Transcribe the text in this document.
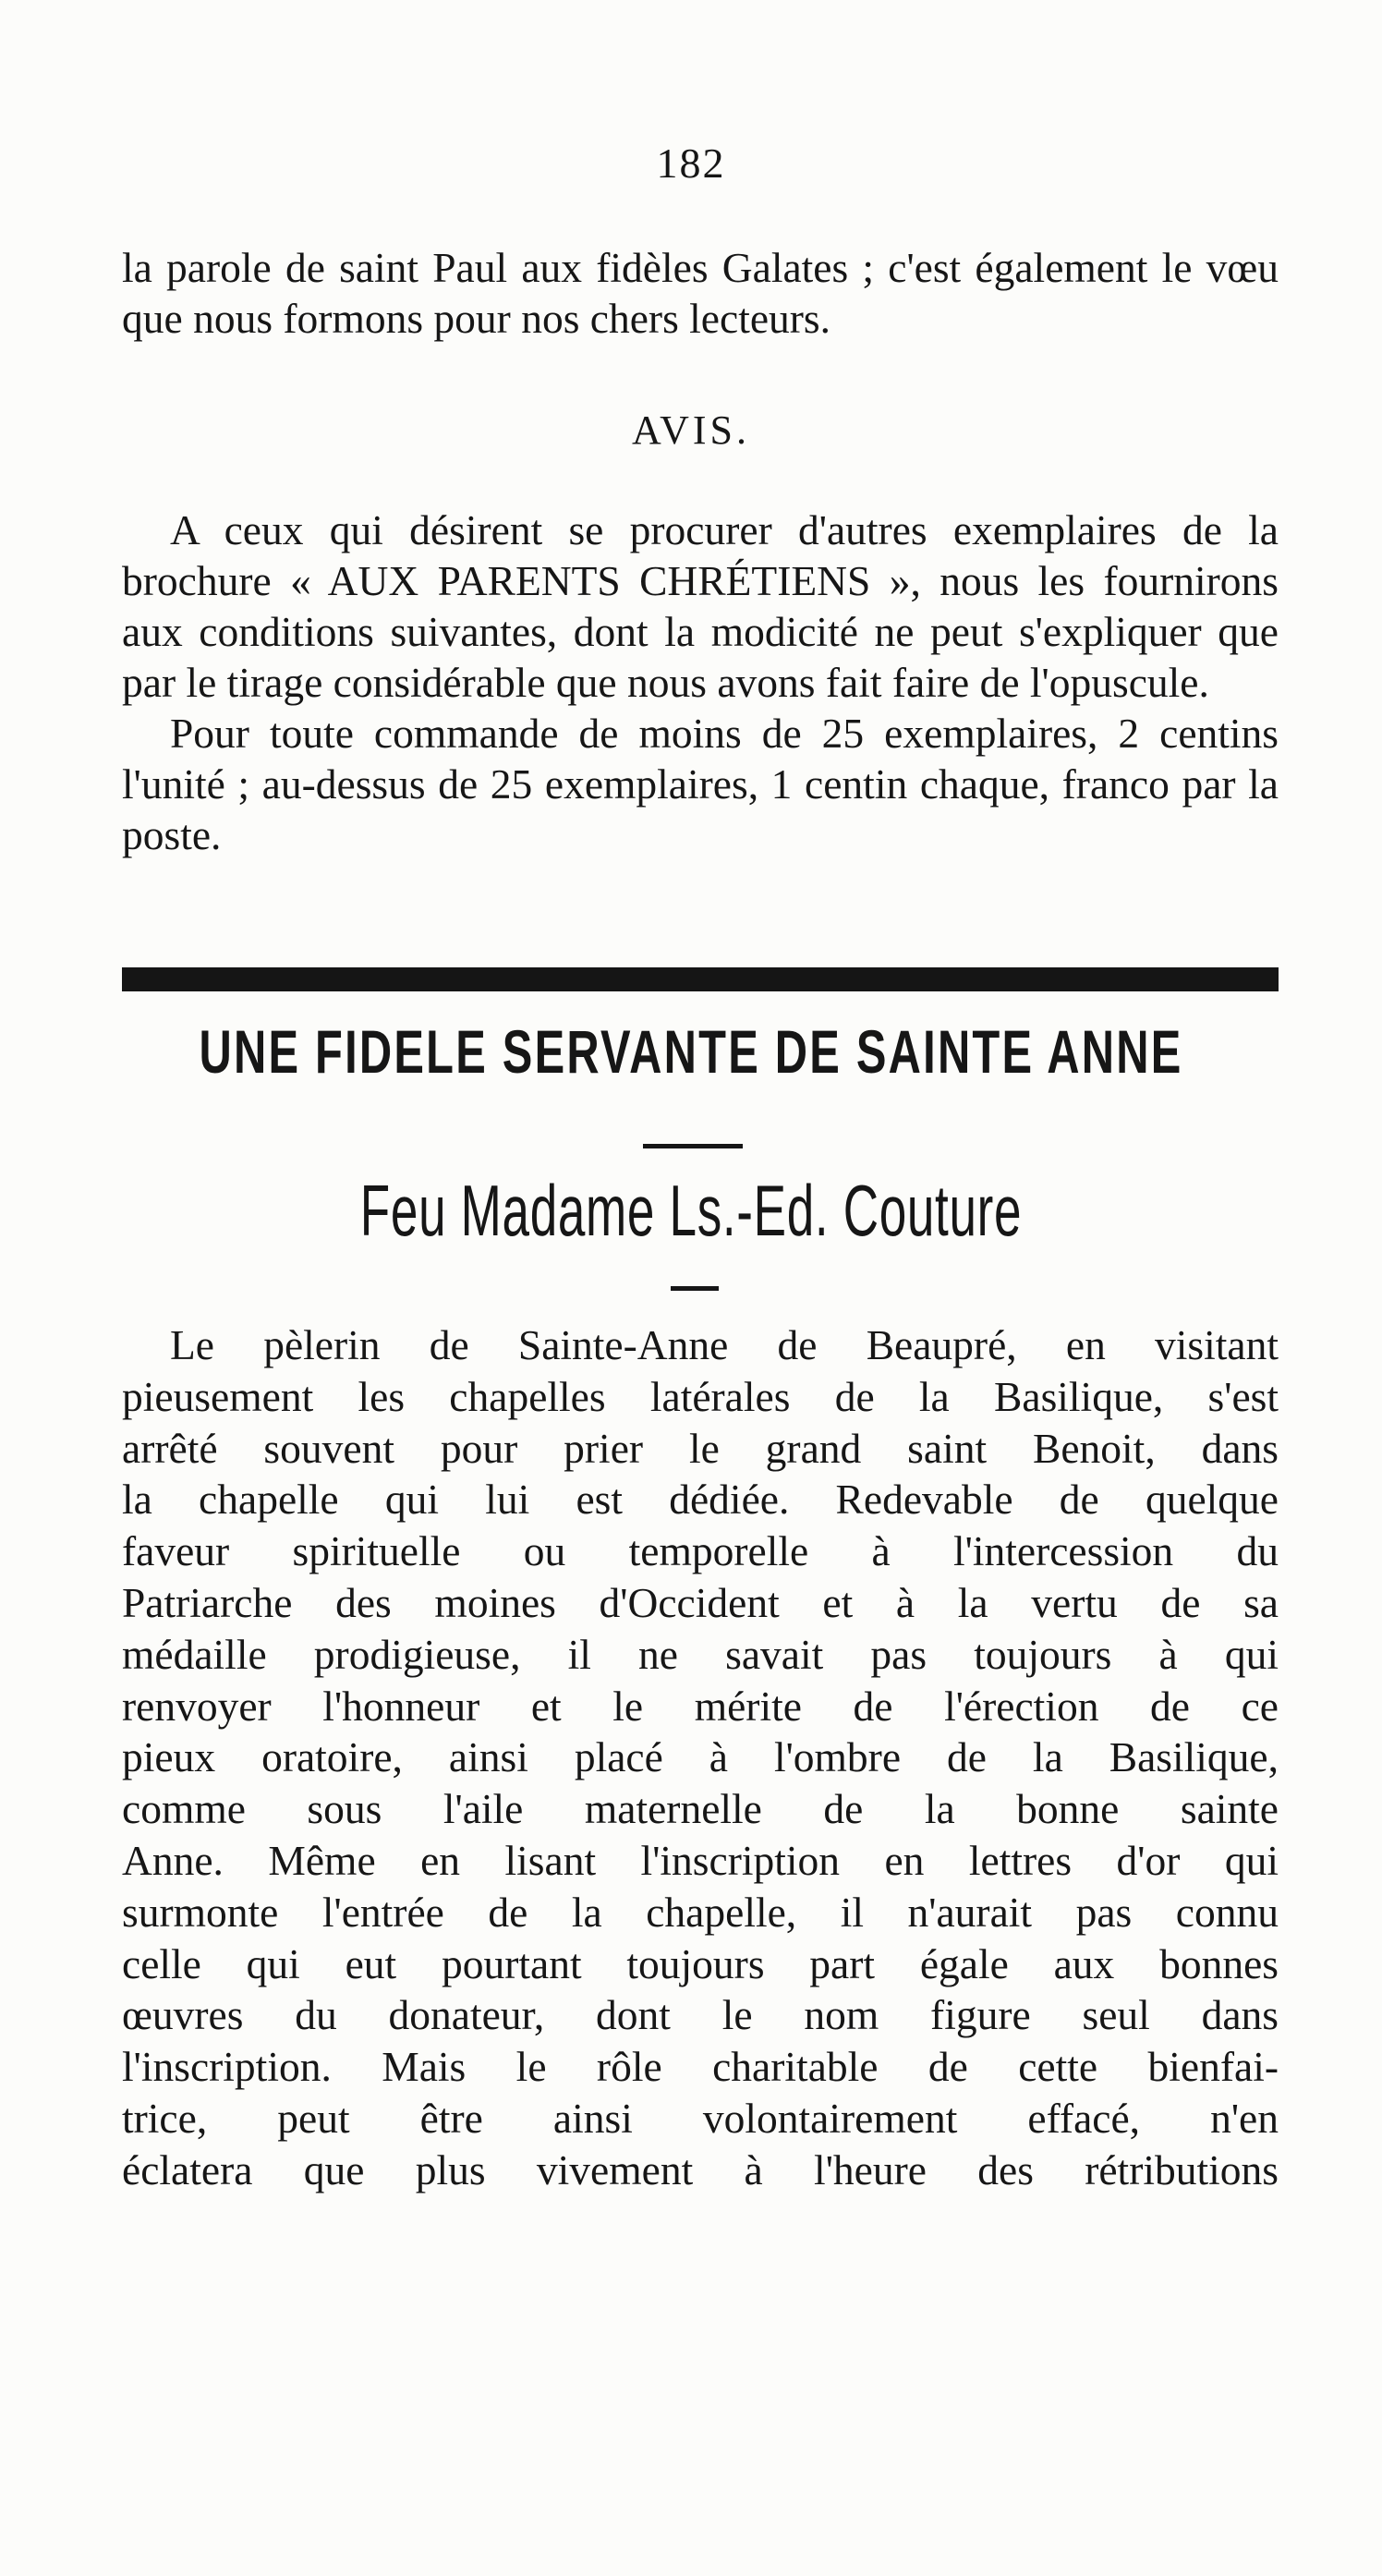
182

la parole de saint Paul aux fidèles Galates ; c'est également le vœu que nous formons pour nos chers lecteurs.

AVIS.

A ceux qui désirent se procurer d'autres exemplaires de la brochure « AUX PARENTS CHRÉTIENS », nous les fournirons aux conditions suivantes, dont la modicité ne peut s'expliquer que par le tirage considérable que nous avons fait faire de l'opuscule.

Pour toute commande de moins de 25 exemplaires, 2 centins l'unité ; au-dessus de 25 exemplaires, 1 centin chaque, franco par la poste.

UNE FIDELE SERVANTE DE SAINTE ANNE
Feu Madame Ls.-Ed. Couture

Le pèlerin de Sainte-Anne de Beaupré, en visitant

pieusement les chapelles latérales de la Basilique, s'est

arrêté souvent pour prier le grand saint Benoit, dans

la chapelle qui lui est dédiée. Redevable de quelque

faveur spirituelle ou temporelle à l'intercession du

Patriarche des moines d'Occident et à la vertu de sa

médaille prodigieuse, il ne savait pas toujours à qui

renvoyer l'honneur et le mérite de l'érection de ce

pieux oratoire, ainsi placé à l'ombre de la Basilique,

comme sous l'aile maternelle de la bonne sainte

Anne. Même en lisant l'inscription en lettres d'or qui

surmonte l'entrée de la chapelle, il n'aurait pas connu

celle qui eut pourtant toujours part égale aux bonnes

œuvres du donateur, dont le nom figure seul dans

l'inscription. Mais le rôle charitable de cette bienfai-

trice, peut être ainsi volontairement effacé, n'en

éclatera que plus vivement à l'heure des rétributions
